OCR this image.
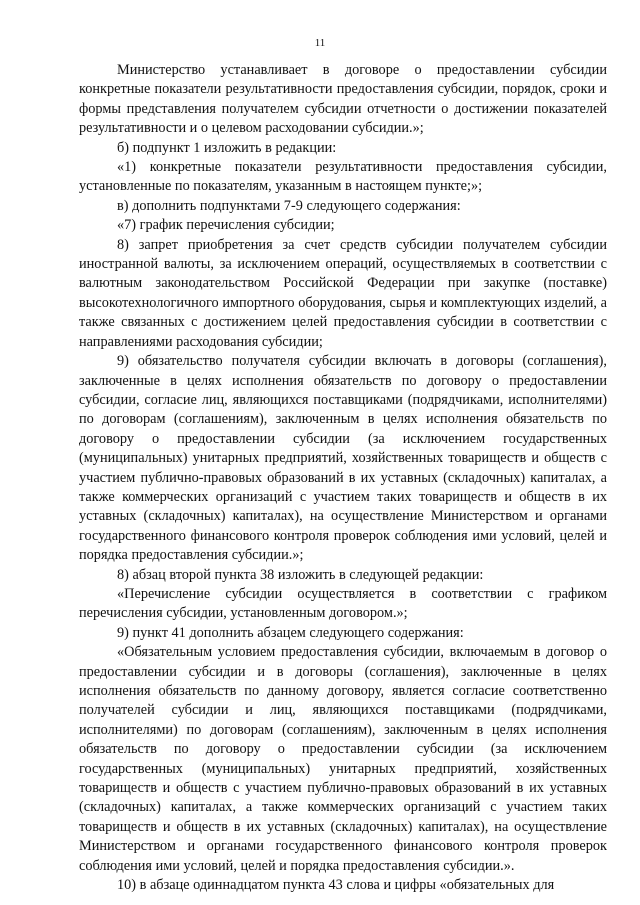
11

Министерство устанавливает в договоре о предоставлении субсидии конкретные показатели результативности предоставления субсидии, порядок, сроки и формы представления получателем субсидии отчетности о достижении показателей результативности и о целевом расходовании субсидии.»;

б) подпункт 1 изложить в редакции:

«1) конкретные показатели результативности предоставления субсидии, установленные по показателям, указанным в настоящем пункте;»;

в) дополнить подпунктами 7-9 следующего содержания:

«7) график перечисления субсидии;

8) запрет приобретения за счет средств субсидии получателем субсидии иностранной валюты, за исключением операций, осуществляемых в соответствии с валютным законодательством Российской Федерации при закупке (поставке) высокотехнологичного импортного оборудования, сырья и комплектующих изделий, а также связанных с достижением целей предоставления субсидии в соответствии с направлениями расходования субсидии;

9) обязательство получателя субсидии включать в договоры (соглашения), заключенные в целях исполнения обязательств по договору о предоставлении субсидии, согласие лиц, являющихся поставщиками (подрядчиками, исполнителями) по договорам (соглашениям), заключенным в целях исполнения обязательств по договору о предоставлении субсидии (за исключением государственных (муниципальных) унитарных предприятий, хозяйственных товариществ и обществ с участием публично-правовых образований в их уставных (складочных) капиталах, а также коммерческих организаций с участием таких товариществ и обществ в их уставных (складочных) капиталах), на осуществление Министерством и органами государственного финансового контроля проверок соблюдения ими условий, целей и порядка предоставления субсидии.»;

8) абзац второй пункта 38 изложить в следующей редакции:

«Перечисление субсидии осуществляется в соответствии с графиком перечисления субсидии, установленным договором.»;

9) пункт 41 дополнить абзацем следующего содержания:

«Обязательным условием предоставления субсидии, включаемым в договор о предоставлении субсидии и в договоры (соглашения), заключенные в целях исполнения обязательств по данному договору, является согласие соответственно получателей субсидии и лиц, являющихся поставщиками (подрядчиками, исполнителями) по договорам (соглашениям), заключенным в целях исполнения обязательств по договору о предоставлении субсидии (за исключением государственных (муниципальных) унитарных предприятий, хозяйственных товариществ и обществ с участием публично-правовых образований в их уставных (складочных) капиталах, а также коммерческих организаций с участием таких товариществ и обществ в их уставных (складочных) капиталах), на осуществление Министерством и органами государственного финансового контроля проверок соблюдения ими условий, целей и порядка предоставления субсидии.».

10) в абзаце одиннадцатом пункта 43 слова и цифры «обязательных для
